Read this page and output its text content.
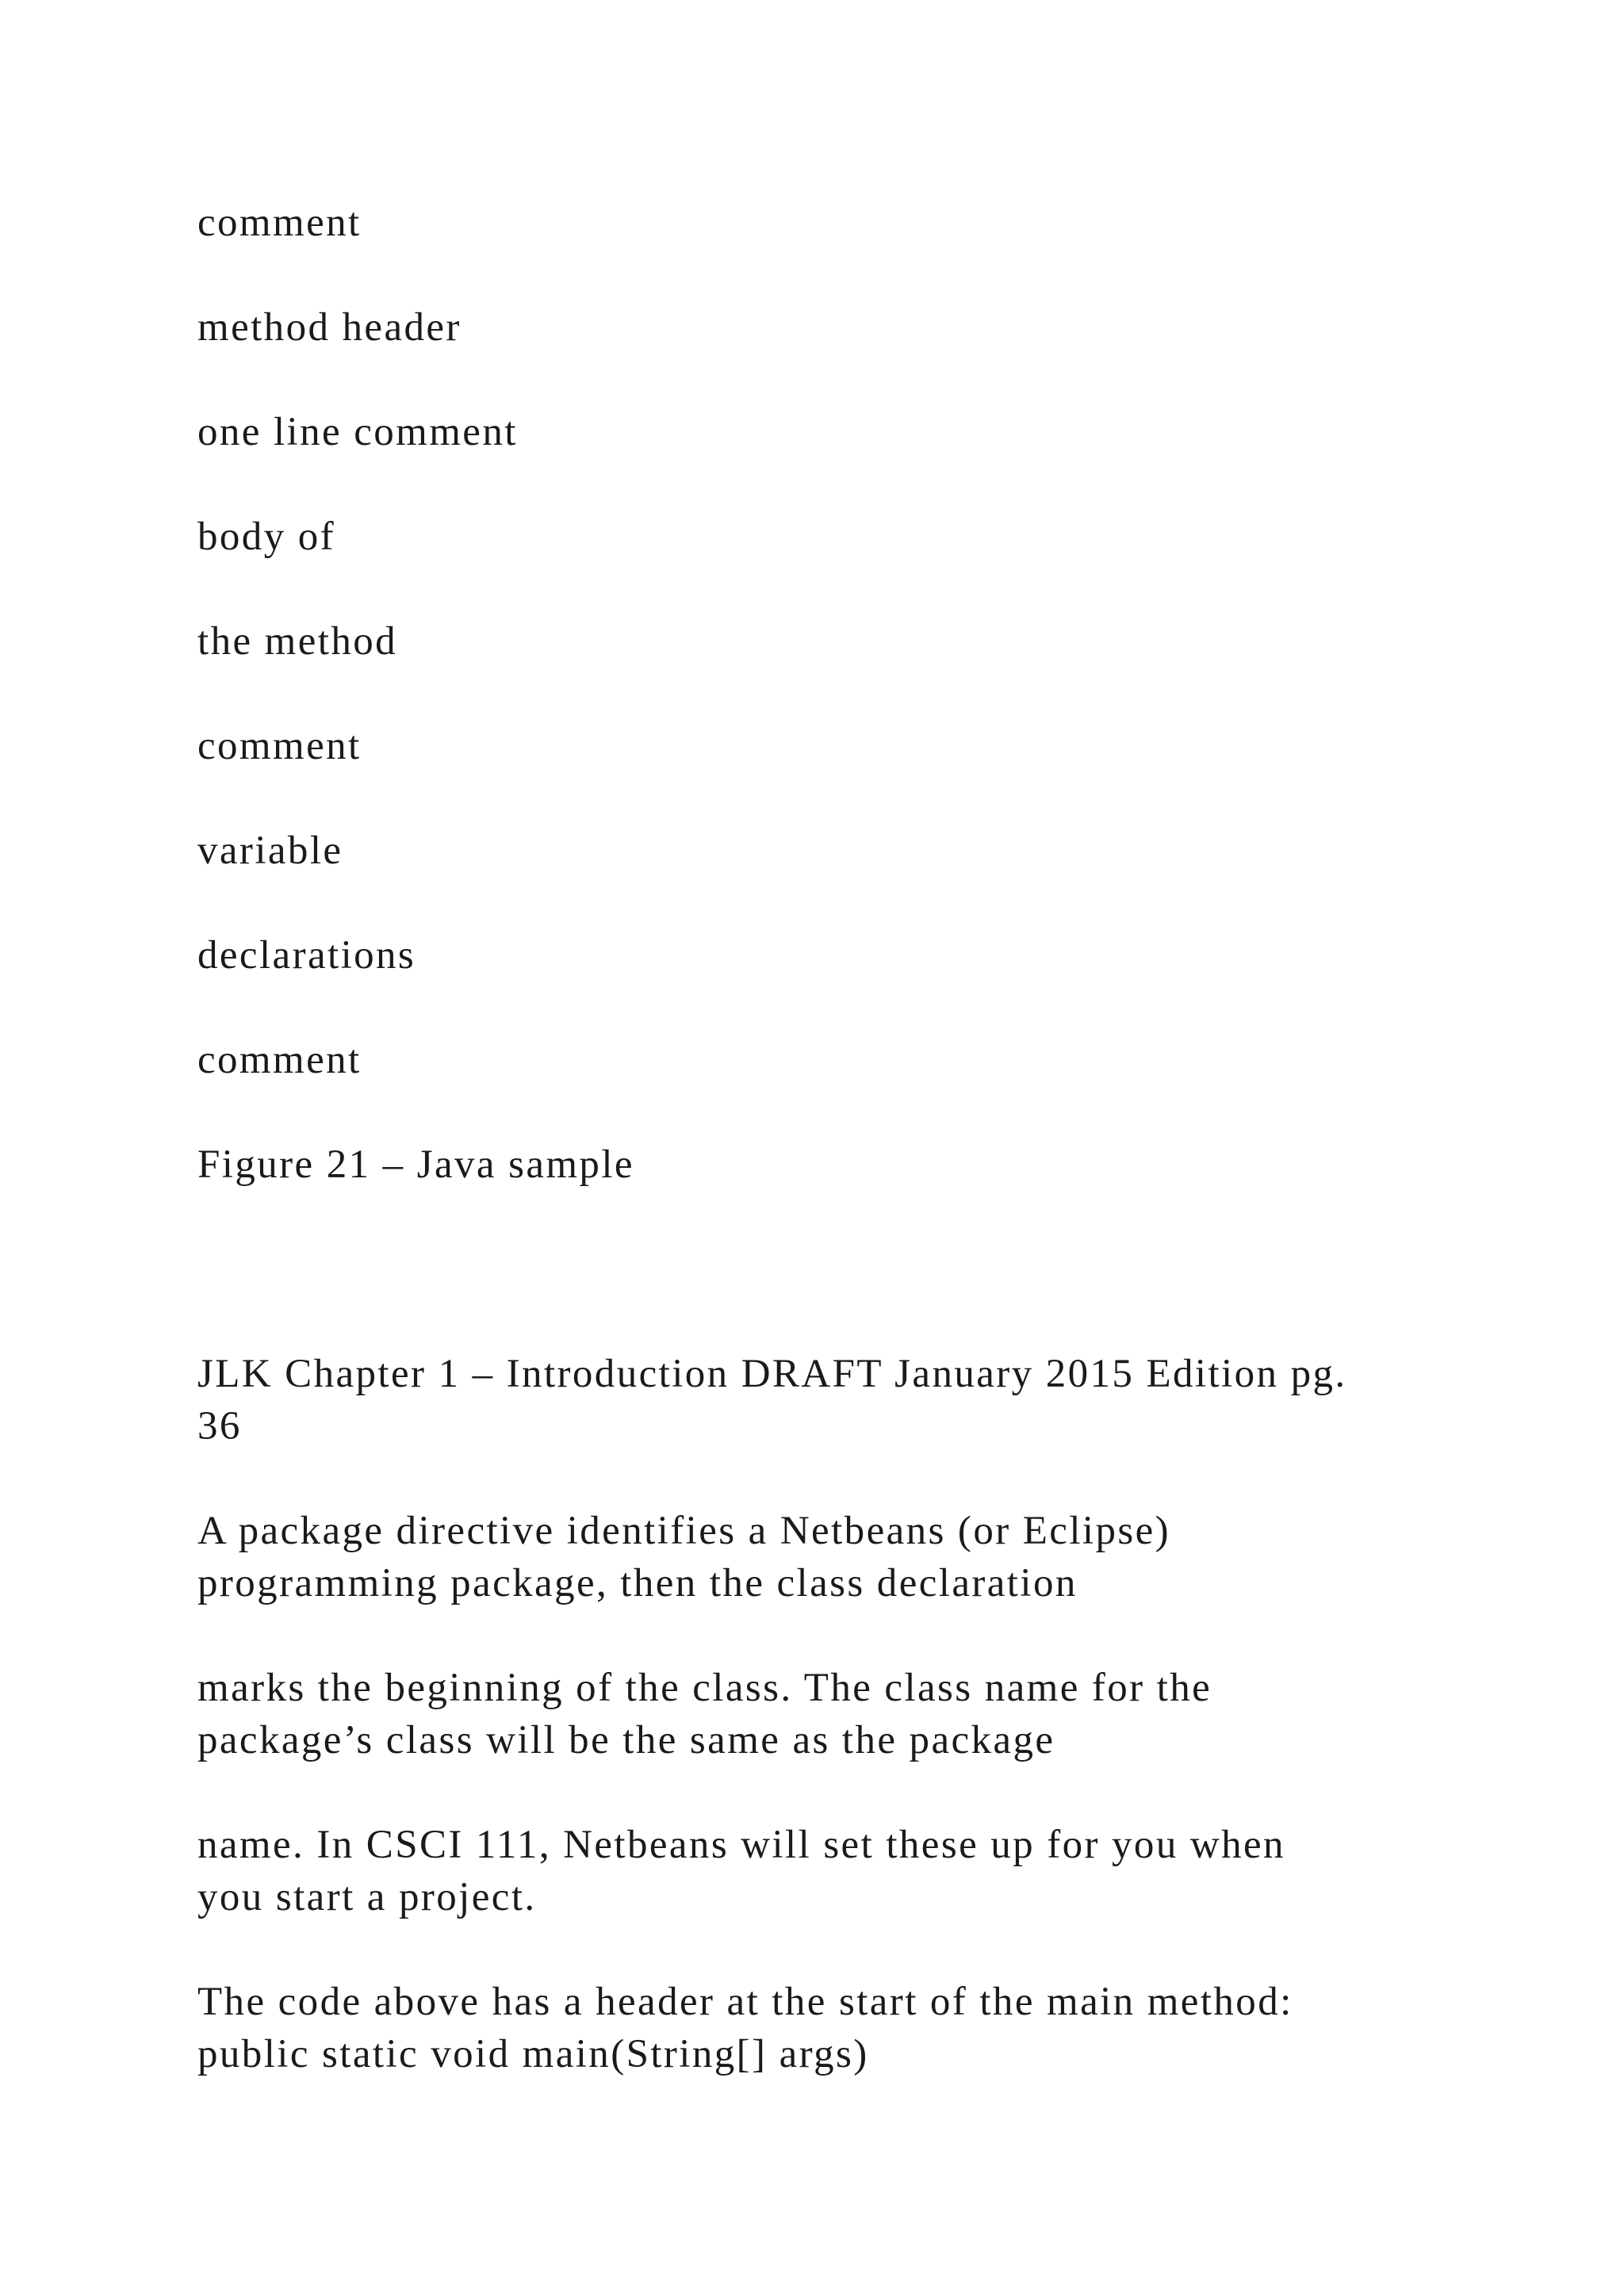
comment

method header

one line comment

body of

the method

comment

variable

declarations

comment

Figure 21 – Java sample

JLK Chapter 1 – Introduction DRAFT January 2015 Edition pg.
36
A package directive identifies a Netbeans (or Eclipse)
programming package, then the class declaration
marks the beginning of the class. The class name for the
package’s class will be the same as the package
name. In CSCI 111, Netbeans will set these up for you when
you start a project.
The code above has a header at the start of the main method:
public static void main(String[] args)
